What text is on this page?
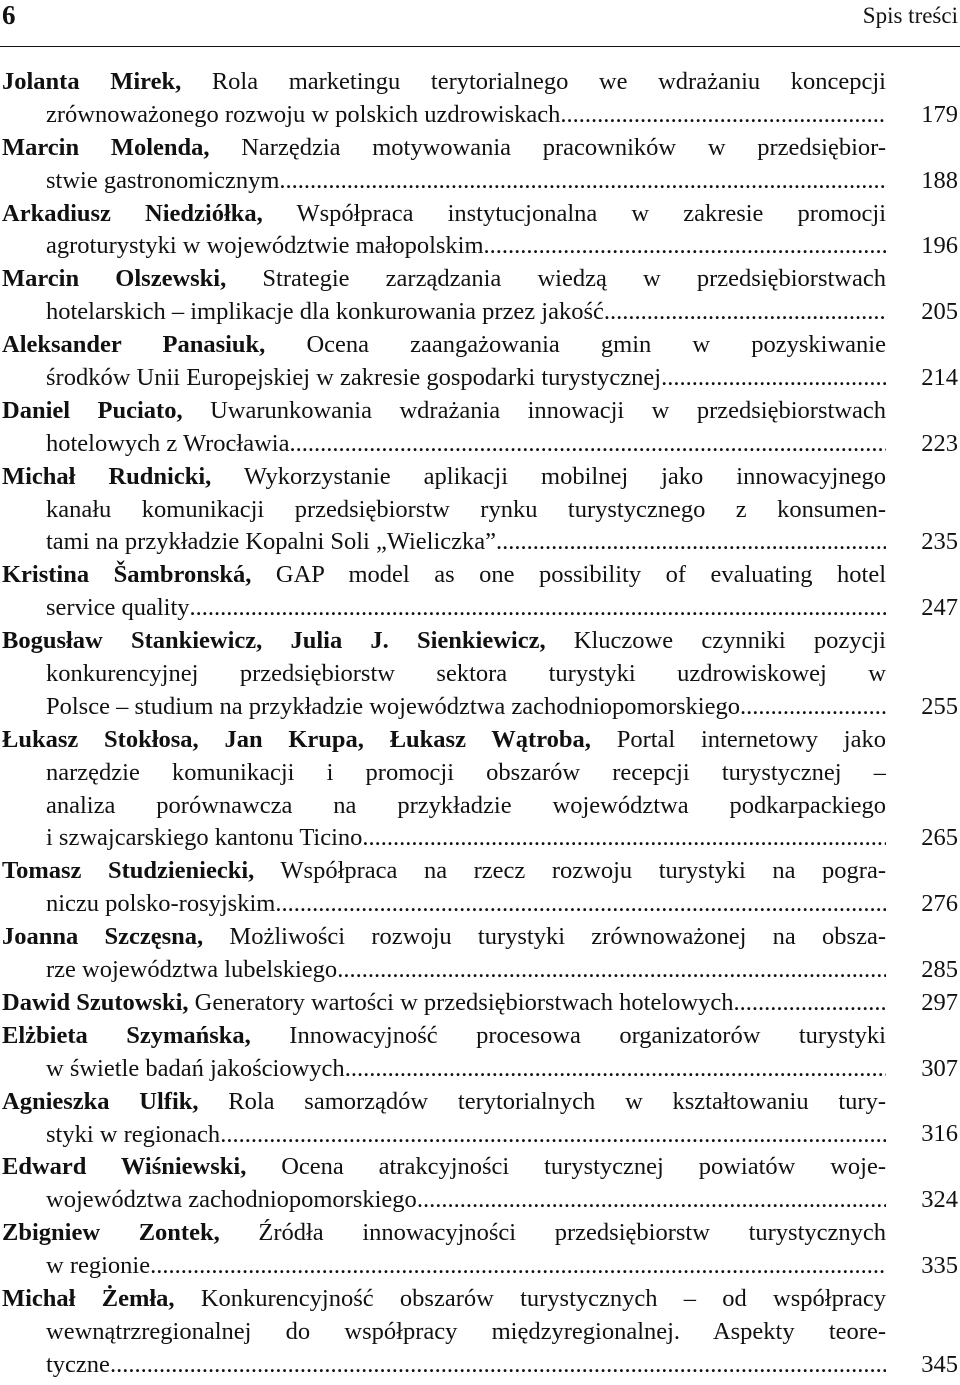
6	Spis treści
Jolanta Mirek, Rola marketingu terytorialnego we wdrażaniu koncepcji
zrównoważonego rozwoju w polskich uzdrowiskach .....	179
Marcin Molenda, Narzędzia motywowania pracowników w przedsiębior-
stwie gastronomicznym .....	188
Arkadiusz Niedziółka, Współpraca instytucjonalna w zakresie promocji
agroturystyki w województwie małopolskim .....	196
Marcin Olszewski, Strategie zarządzania wiedzą w przedsiębiorstwach
hotelarskich – implikacje dla konkurowania przez jakość .....	205
Aleksander Panasiuk, Ocena zaangażowania gmin w pozyskiwanie
środków Unii Europejskiej w zakresie gospodarki turystycznej .....	214
Daniel Puciato, Uwarunkowania wdrażania innowacji w przedsiębiorstwach
hotelowych z Wrocławia .....	223
Michał Rudnicki, Wykorzystanie aplikacji mobilnej jako innowacyjnego
kanału komunikacji przedsiębiorstw rynku turystycznego z konsumen-
tami na przykładzie Kopalni Soli „Wieliczka” .....	235
Kristina Šambronská, GAP model as one possibility of evaluating hotel
service quality .....	247
Bogusław Stankiewicz, Julia J. Sienkiewicz, Kluczowe czynniki pozycji
konkurencyjnej przedsiębiorstw sektora turystyki uzdrowiskowej w
Polsce – studium na przykładzie województwa zachodniopomorskiego .....	255
Łukasz Stokłosa, Jan Krupa, Łukasz Wątroba, Portal internetowy jako
narzędzie komunikacji i promocji obszarów recepcji turystycznej –
analiza porównawcza na przykładzie województwa podkarpackiego
i szwajcarskiego kantonu Ticino .....	265
Tomasz Studzieniecki, Współpraca na rzecz rozwoju turystyki na pogra-
niczu polsko-rosyjskim .....	276
Joanna Szczęsna, Możliwości rozwoju turystyki zrównoważonej na obsza-
rze województwa lubelskiego .....	285
Dawid Szutowski, Generatory wartości w przedsiębiorstwach hotelowych .....	297
Elżbieta Szymańska, Innowacyjność procesowa organizatorów turystyki
w świetle badań jakościowych .....	307
Agnieszka Ulfik, Rola samorządów terytorialnych w kształtowaniu tury-
styki w regionach .....	316
Edward Wiśniewski, Ocena atrakcyjności turystycznej powiatów woje-
województwa zachodniopomorskiego .....	324
Zbigniew Zontek, Źródła innowacyjności przedsiębiorstw turystycznych
w regionie .....	335
Michał Żemła, Konkurencyjność obszarów turystycznych – od współpracy
wewnątrzregionalnej do współpracy międzyregionalnej. Aspekty teore-
tyczne .....	345
